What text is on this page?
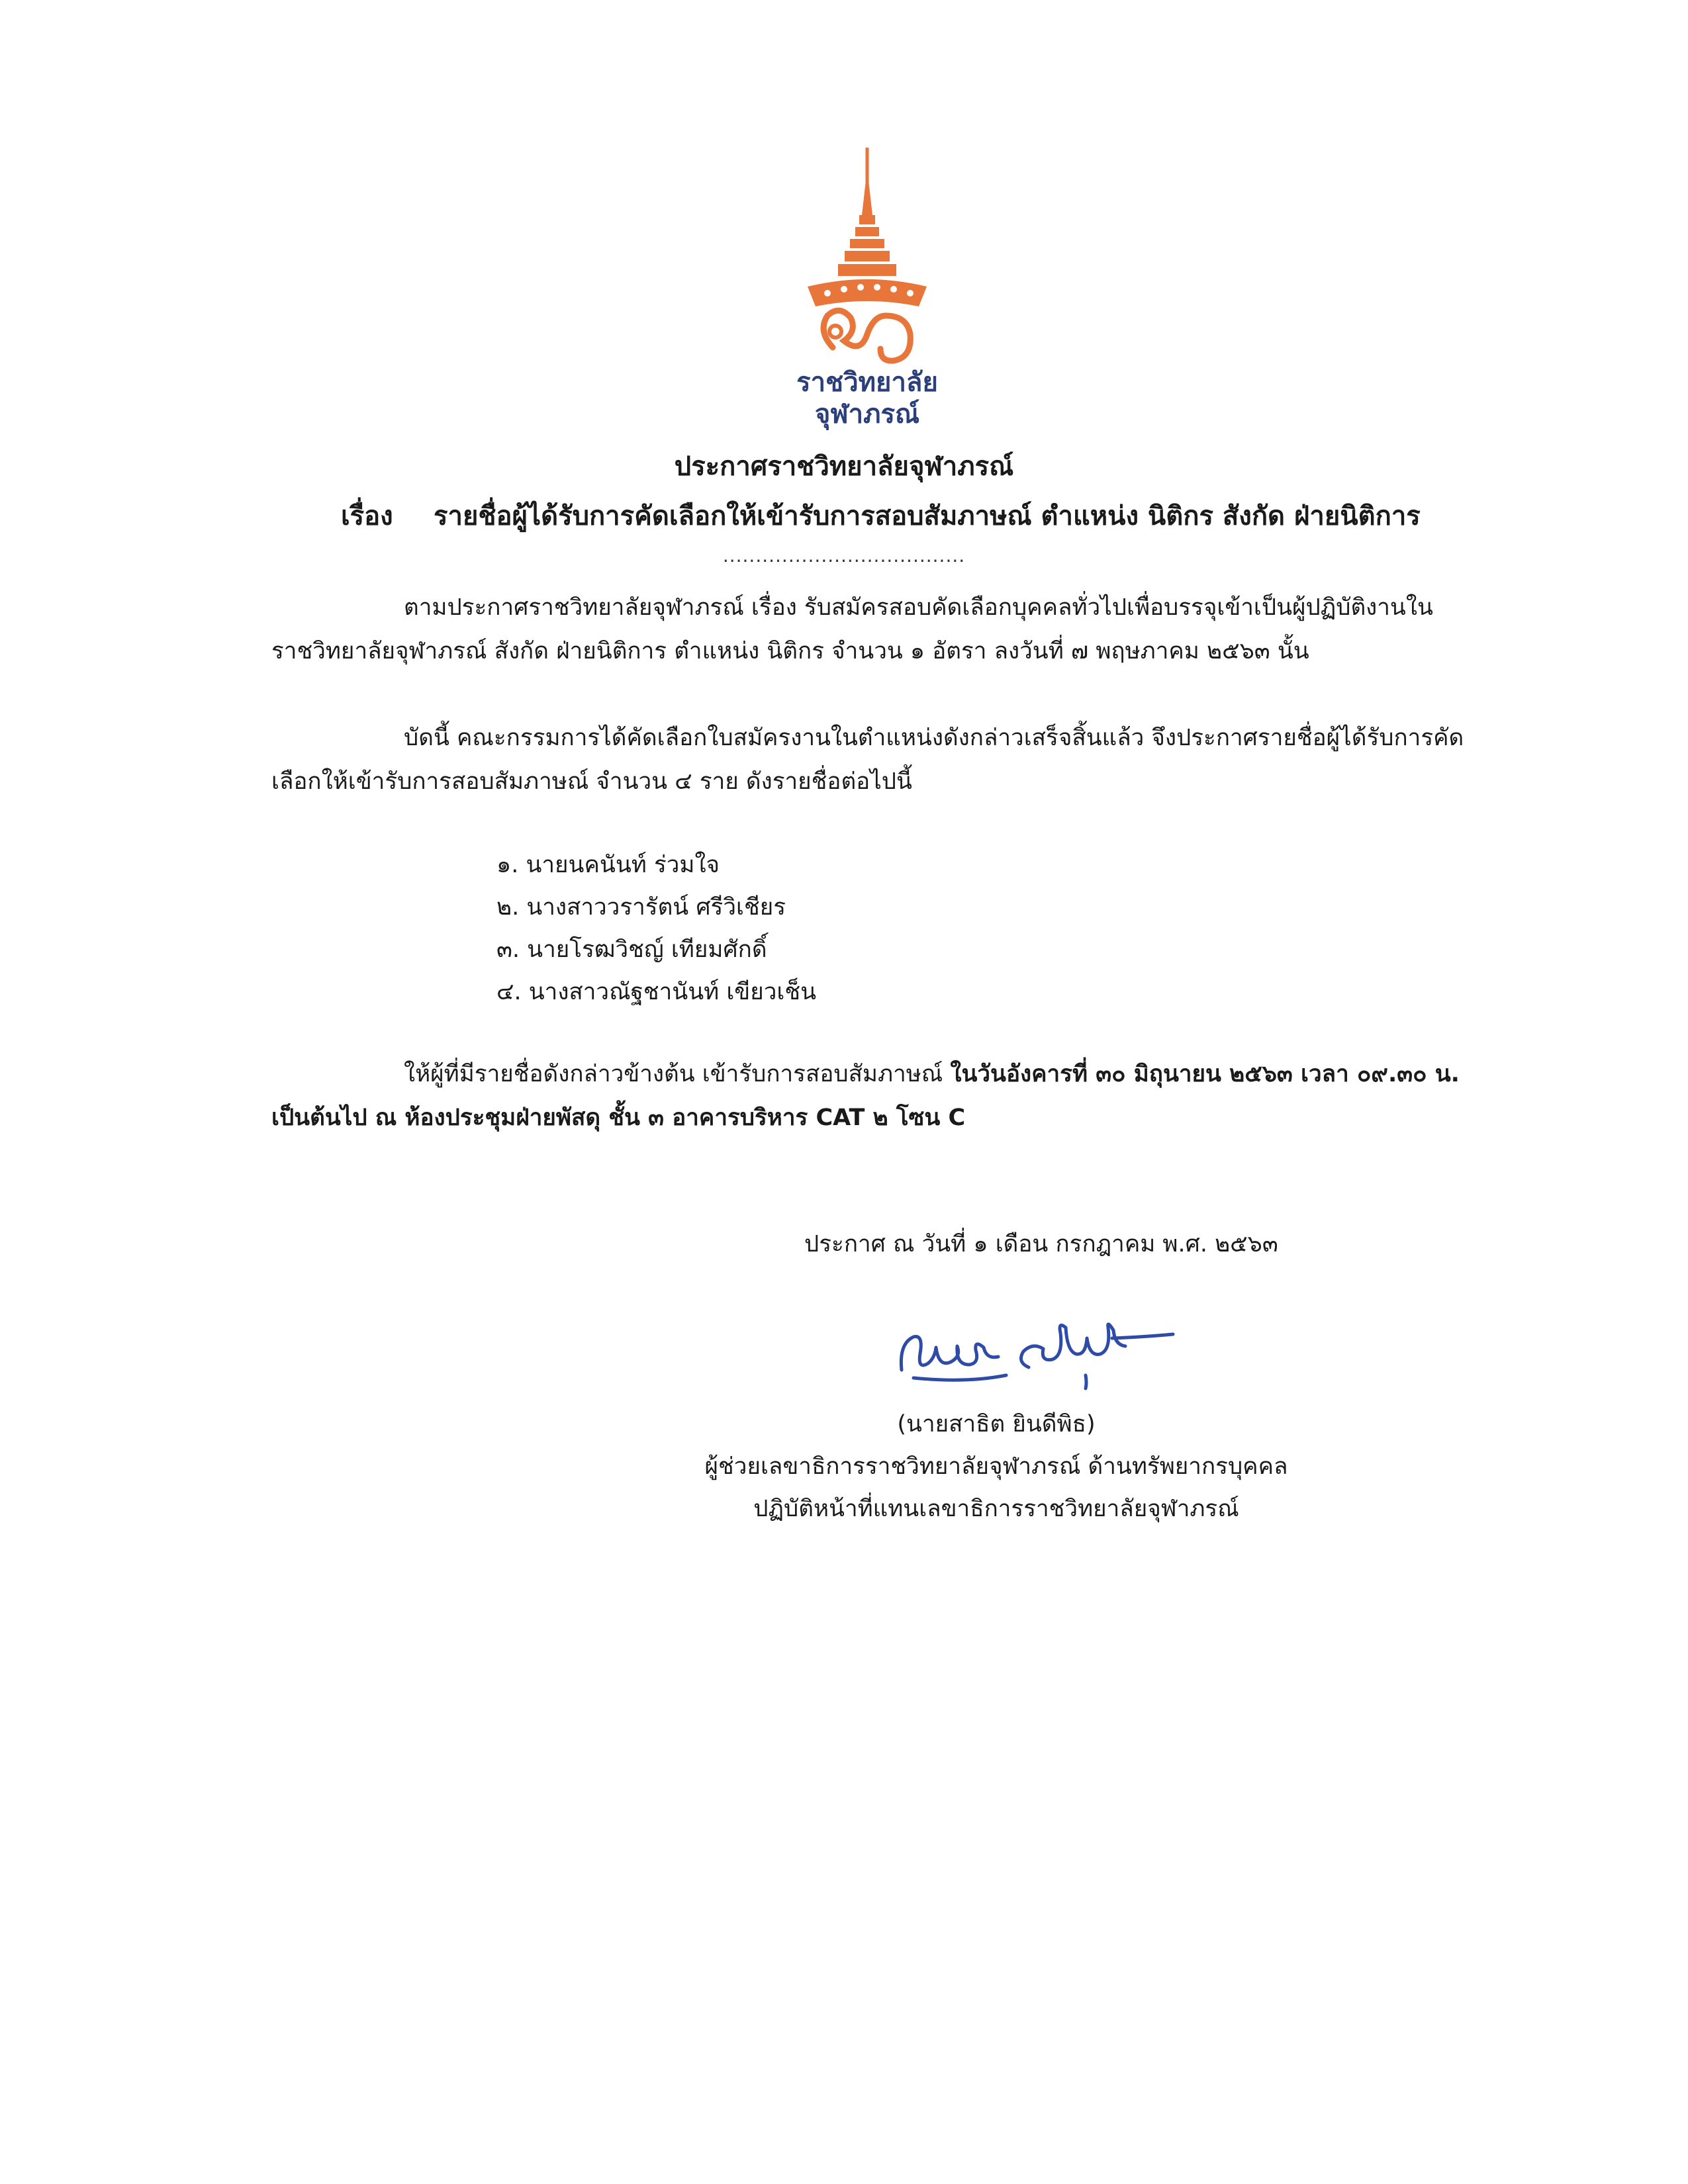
ราชวิทยาลัย
จุฬาภรณ์
ประกาศราชวิทยาลัยจุฬาภรณ์
เรื่อง รายชื่อผู้ได้รับการคัดเลือกให้เข้ารับการสอบสัมภาษณ์ ตำแหน่ง นิติกร สังกัด ฝ่ายนิติการ
.....................................
ตามประกาศราชวิทยาลัยจุฬาภรณ์ เรื่อง รับสมัครสอบคัดเลือกบุคคลทั่วไปเพื่อบรรจุเข้าเป็นผู้ปฏิบัติงานในราชวิทยาลัยจุฬาภรณ์ สังกัด ฝ่ายนิติการ ตำแหน่ง นิติกร จำนวน ๑ อัตรา ลงวันที่ ๗ พฤษภาคม ๒๕๖๓ นั้น
บัดนี้ คณะกรรมการได้คัดเลือกใบสมัครงานในตำแหน่งดังกล่าวเสร็จสิ้นแล้ว จึงประกาศรายชื่อผู้ได้รับการคัดเลือกให้เข้ารับการสอบสัมภาษณ์ จำนวน ๔ ราย ดังรายชื่อต่อไปนี้
๑. นายนคนันท์ ร่วมใจ
๒. นางสาววรารัตน์ ศรีวิเชียร
๓. นายโรฒวิชญ์ เทียมศักดิ์
๔. นางสาวณัฐชานันท์ เขียวเช็น
ให้ผู้ที่มีรายชื่อดังกล่าวข้างต้น เข้ารับการสอบสัมภาษณ์ ในวันอังคารที่ ๓๐ มิถุนายน ๒๕๖๓ เวลา ๐๙.๓๐ น. เป็นต้นไป ณ ห้องประชุมฝ่ายพัสดุ ชั้น ๓ อาคารบริหาร CAT ๒ โซน C
ประกาศ ณ วันที่ ๑ เดือน กรกฎาคม พ.ศ. ๒๕๖๓
(นายสาธิต ยินดีพิธ)
ผู้ช่วยเลขาธิการราชวิทยาลัยจุฬาภรณ์ ด้านทรัพยากรบุคคล
ปฏิบัติหน้าที่แทนเลขาธิการราชวิทยาลัยจุฬาภรณ์
